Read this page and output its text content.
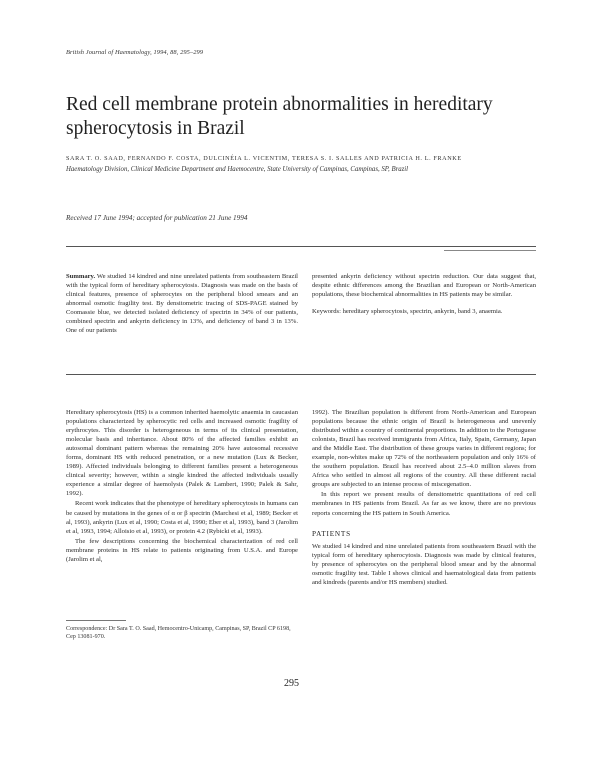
British Journal of Haematology, 1994, 88, 295–299
Red cell membrane protein abnormalities in hereditary spherocytosis in Brazil
SARA T. O. SAAD, FERNANDO F. COSTA, DULCINÉIA L. VICENTIM, TERESA S. I. SALLES AND PATRICIA H. L. FRANKE
Haematology Division, Clinical Medicine Department and Haemocentre, State University of Campinas, Campinas, SP, Brazil
Received 17 June 1994; accepted for publication 21 June 1994

Summary. We studied 14 kindred and nine unrelated patients from southeastern Brazil with the typical form of hereditary spherocytosis. Diagnosis was made on the basis of clinical features, presence of spherocytes on the peripheral blood smears and an abnormal osmotic fragility test. By densitometric tracing of SDS-PAGE stained by Coomassie blue, we detected isolated deficiency of spectrin in 34% of our patients, combined spectrin and ankyrin deficiency in 13%, and deficiency of band 3 in 13%. One of our patients

presented ankyrin deficiency without spectrin reduction. Our data suggest that, despite ethnic differences among the Brazilian and European or North-American populations, these biochemical abnormalities in HS patients may be similar.

Keywords: hereditary spherocytosis, spectrin, ankyrin, band 3, anaemia.

Hereditary spherocytosis (HS) is a common inherited haemolytic anaemia in caucasian populations characterized by spherocytic red cells and increased osmotic fragility of erythrocytes. This disorder is heterogeneous in terms of its clinical presentation, molecular basis and inheritance. About 80% of the affected families exhibit an autosomal dominant pattern whereas the remaining 20% have autosomal recessive forms, dominant HS with reduced penetration, or a new mutation (Lux & Becker, 1989). Affected individuals belonging to different families present a heterogeneous clinical severity; however, within a single kindred the affected individuals usually experience a similar degree of haemolysis (Palek & Lambert, 1990; Palek & Sahr, 1992).

Recent work indicates that the phenotype of hereditary spherocytosis in humans can be caused by mutations in the genes of α or β spectrin (Marchesi et al, 1989; Becker et al, 1993), ankyrin (Lux et al, 1990; Costa et al, 1990; Eber et al, 1993), band 3 (Jarolim et al, 1993, 1994; Alloisio et al, 1993), or protein 4.2 (Rybicki et al, 1993).

The few descriptions concerning the biochemical characterization of red cell membrane proteins in HS relate to patients originating from U.S.A. and Europe (Jarolim et al,

1992). The Brazilian population is different from North-American and European populations because the ethnic origin of Brazil is heterogeneous and unevenly distributed within a country of continental proportions. In addition to the Portuguese colonists, Brazil has received immigrants from Africa, Italy, Spain, Germany, Japan and the Middle East. The distribution of these groups varies in different regions; for example, non-whites make up 72% of the northeastern population and only 16% of the southern population. Brazil has received about 2.5–4.0 million slaves from Africa who settled in almost all regions of the country. All these different racial groups are subjected to an intense process of miscegenation.

In this report we present results of densitometric quantitations of red cell membranes in HS patients from Brazil. As far as we know, there are no previous reports concerning the HS pattern in South America.

PATIENTS

We studied 14 kindred and nine unrelated patients from southeastern Brazil with the typical form of hereditary spherocytosis. Diagnosis was made by clinical features, by presence of spherocytes on the peripheral blood smear and by the abnormal osmotic fragility test. Table I shows clinical and haematological data from patients and kindreds (parents and/or HS members) studied.

Correspondence: Dr Sara T. O. Saad, Hemocentro-Unicamp, Campinas, SP, Brazil CP 6198, Cep 13081-970.
295
